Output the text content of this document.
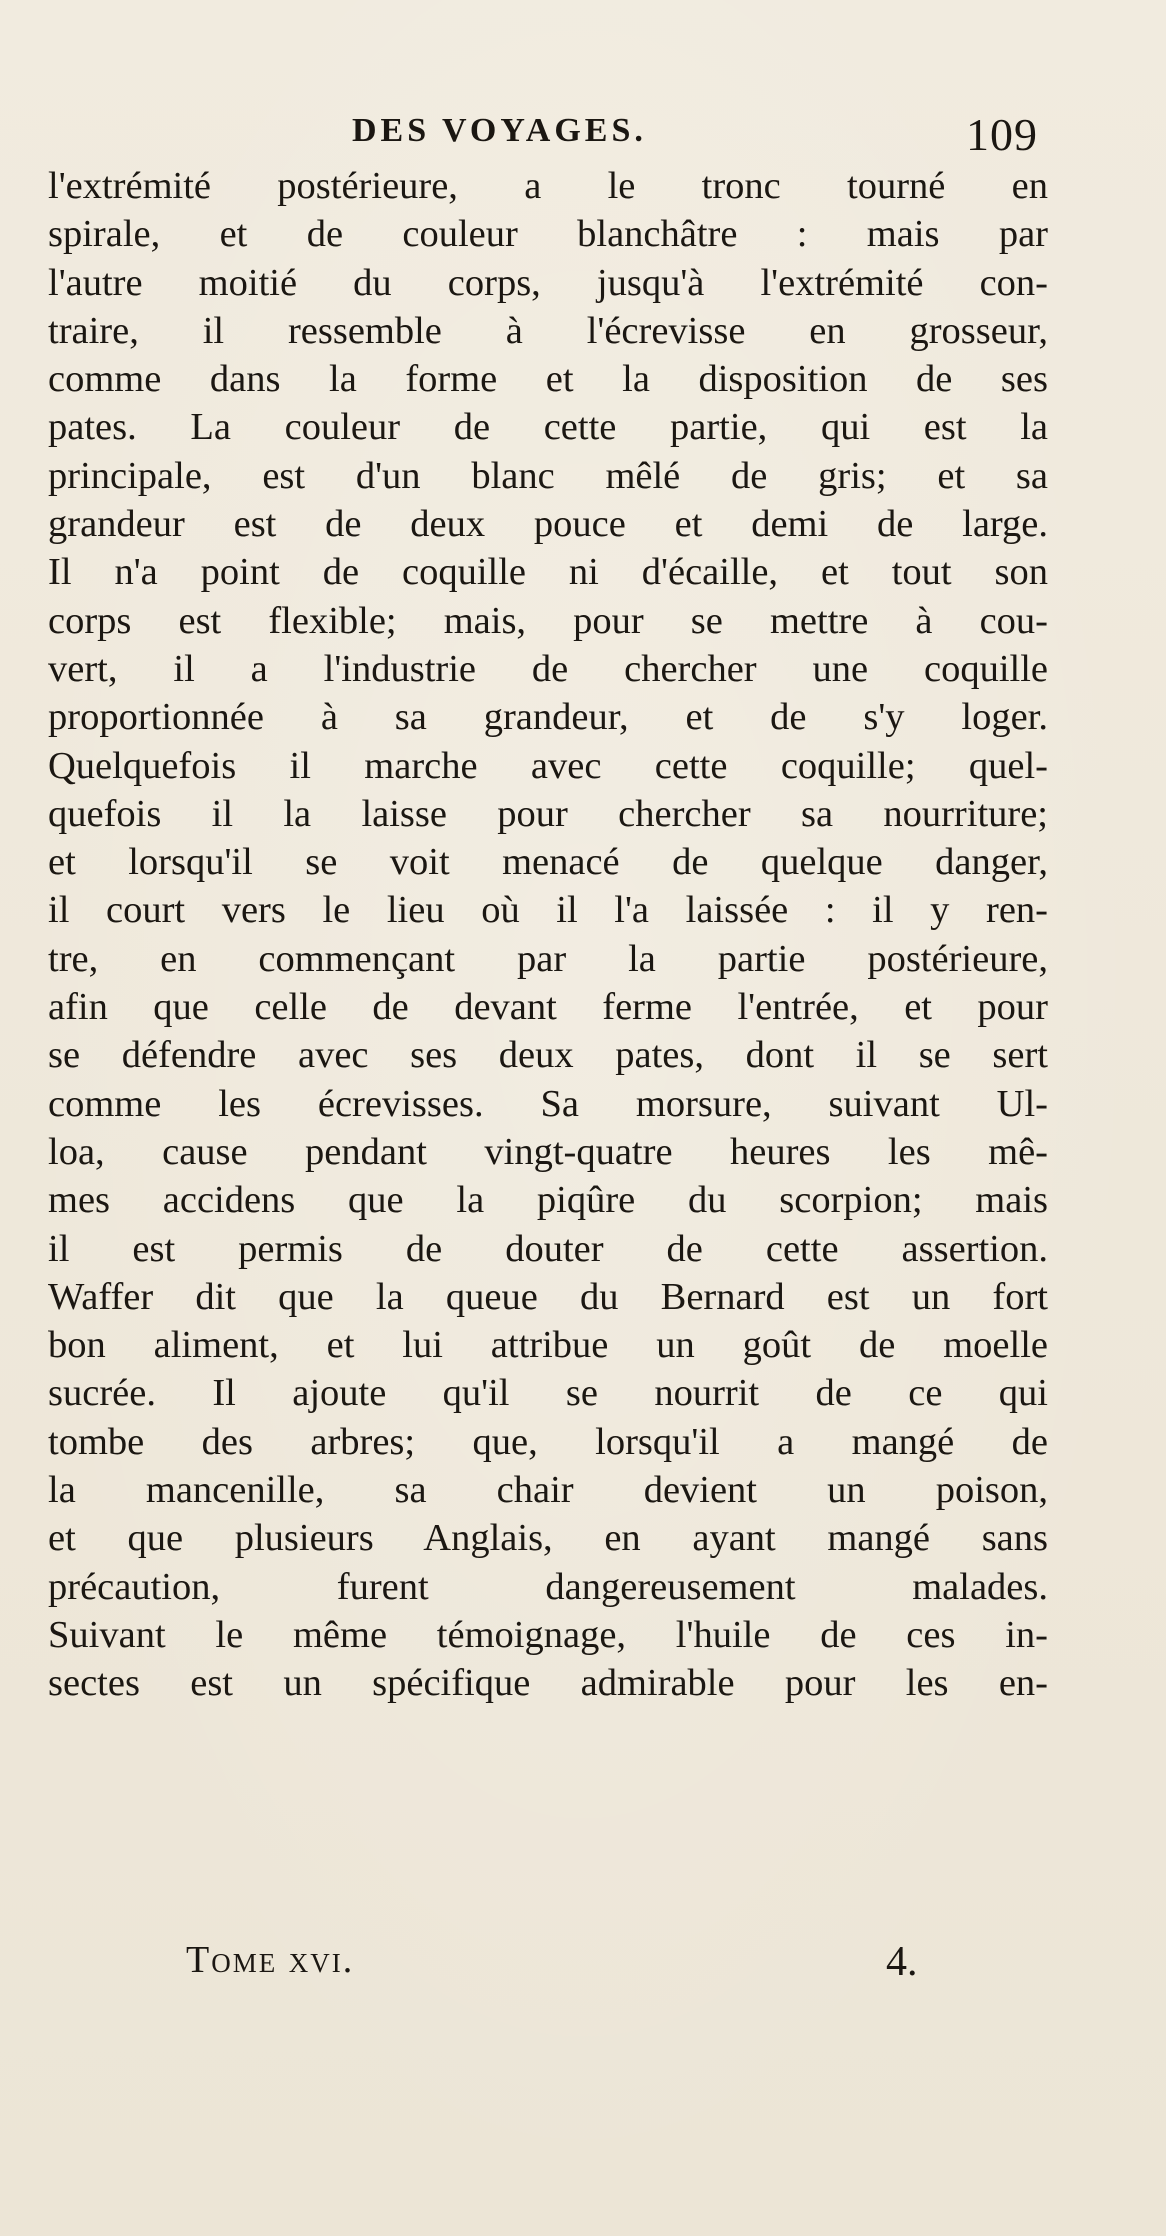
DES VOYAGES.	109
l'extrémité postérieure, a le tronc tourné en
spirale, et de couleur blanchâtre : mais par
l'autre moitié du corps, jusqu'à l'extrémité con-
traire, il ressemble à l'écrevisse en grosseur,
comme dans la forme et la disposition de ses
pates. La couleur de cette partie, qui est la
principale, est d'un blanc mêlé de gris; et sa
grandeur est de deux pouce et demi de large.
Il n'a point de coquille ni d'écaille, et tout son
corps est flexible; mais, pour se mettre à cou-
vert, il a l'industrie de chercher une coquille
proportionnée à sa grandeur, et de s'y loger.
Quelquefois il marche avec cette coquille; quel-
quefois il la laisse pour chercher sa nourriture;
et lorsqu'il se voit menacé de quelque danger,
il court vers le lieu où il l'a laissée : il y ren-
tre, en commençant par la partie postérieure,
afin que celle de devant ferme l'entrée, et pour
se défendre avec ses deux pates, dont il se sert
comme les écrevisses. Sa morsure, suivant Ul-
loa, cause pendant vingt-quatre heures les mê-
mes accidens que la piqûre du scorpion; mais
il est permis de douter de cette assertion.
Waffer dit que la queue du Bernard est un fort
bon aliment, et lui attribue un goût de moelle
sucrée. Il ajoute qu'il se nourrit de ce qui
tombe des arbres; que, lorsqu'il a mangé de
la mancenille, sa chair devient un poison,
et que plusieurs Anglais, en ayant mangé sans
précaution, furent dangereusement malades.
Suivant le même témoignage, l'huile de ces in-
sectes est un spécifique admirable pour les en-
Tome xvi.	4.
